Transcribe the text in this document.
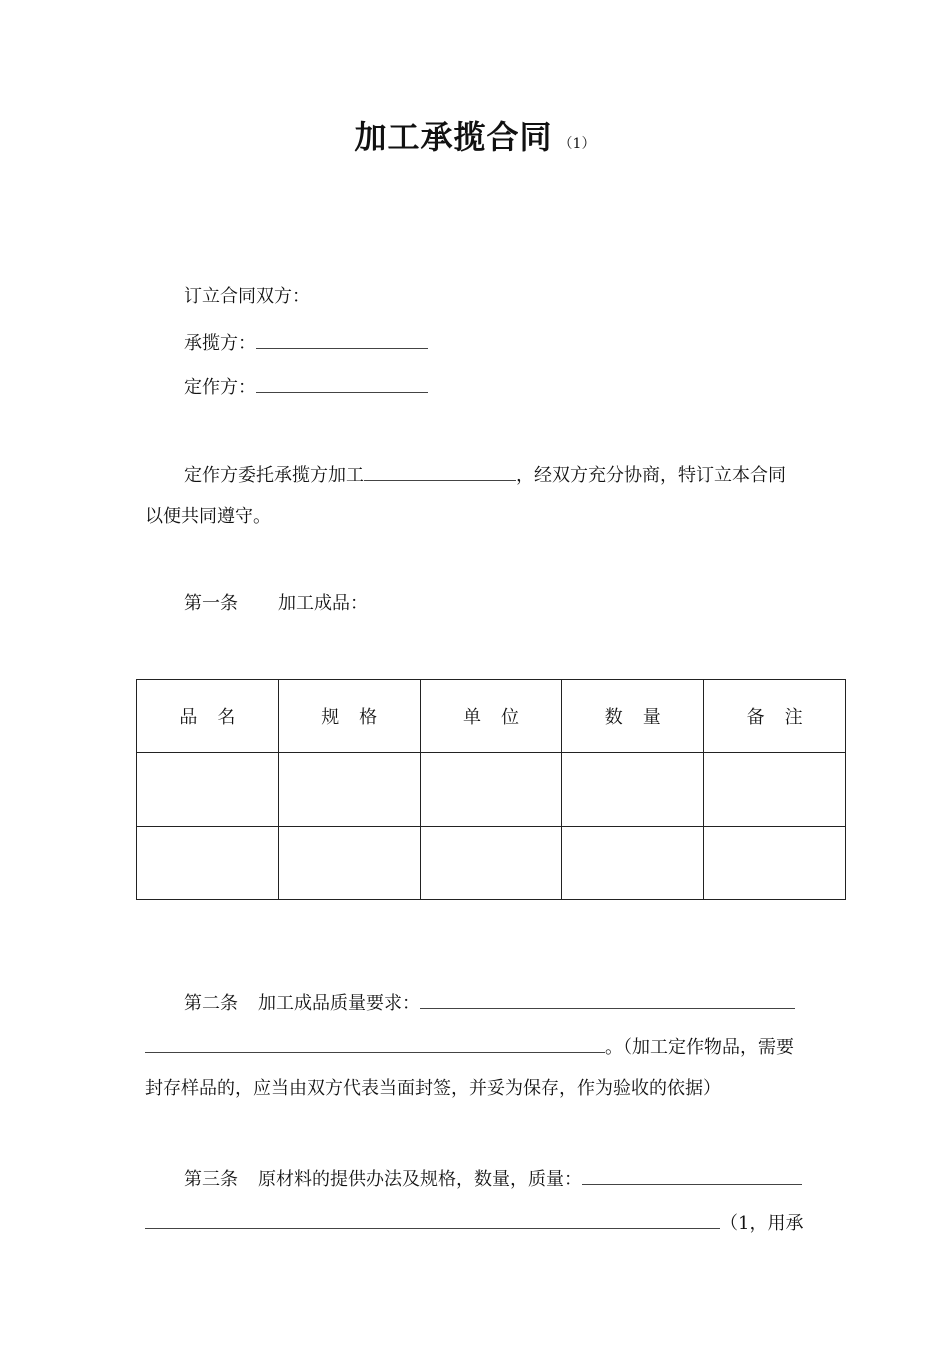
加工承揽合同 （1）
订立合同双方：
承揽方：
定作方：
定作方委托承揽方加工	，经双方充分协商，特订立本合同
以便共同遵守。
第一条 加工成品：
品名	规格	单位	数量	备注

第二条 加工成品质量要求：
。（加工定作物品，需要
封存样品的，应当由双方代表当面封签，并妥为保存，作为验收的依据）
第三条 原材料的提供办法及规格，数量，质量：
（1，用承
